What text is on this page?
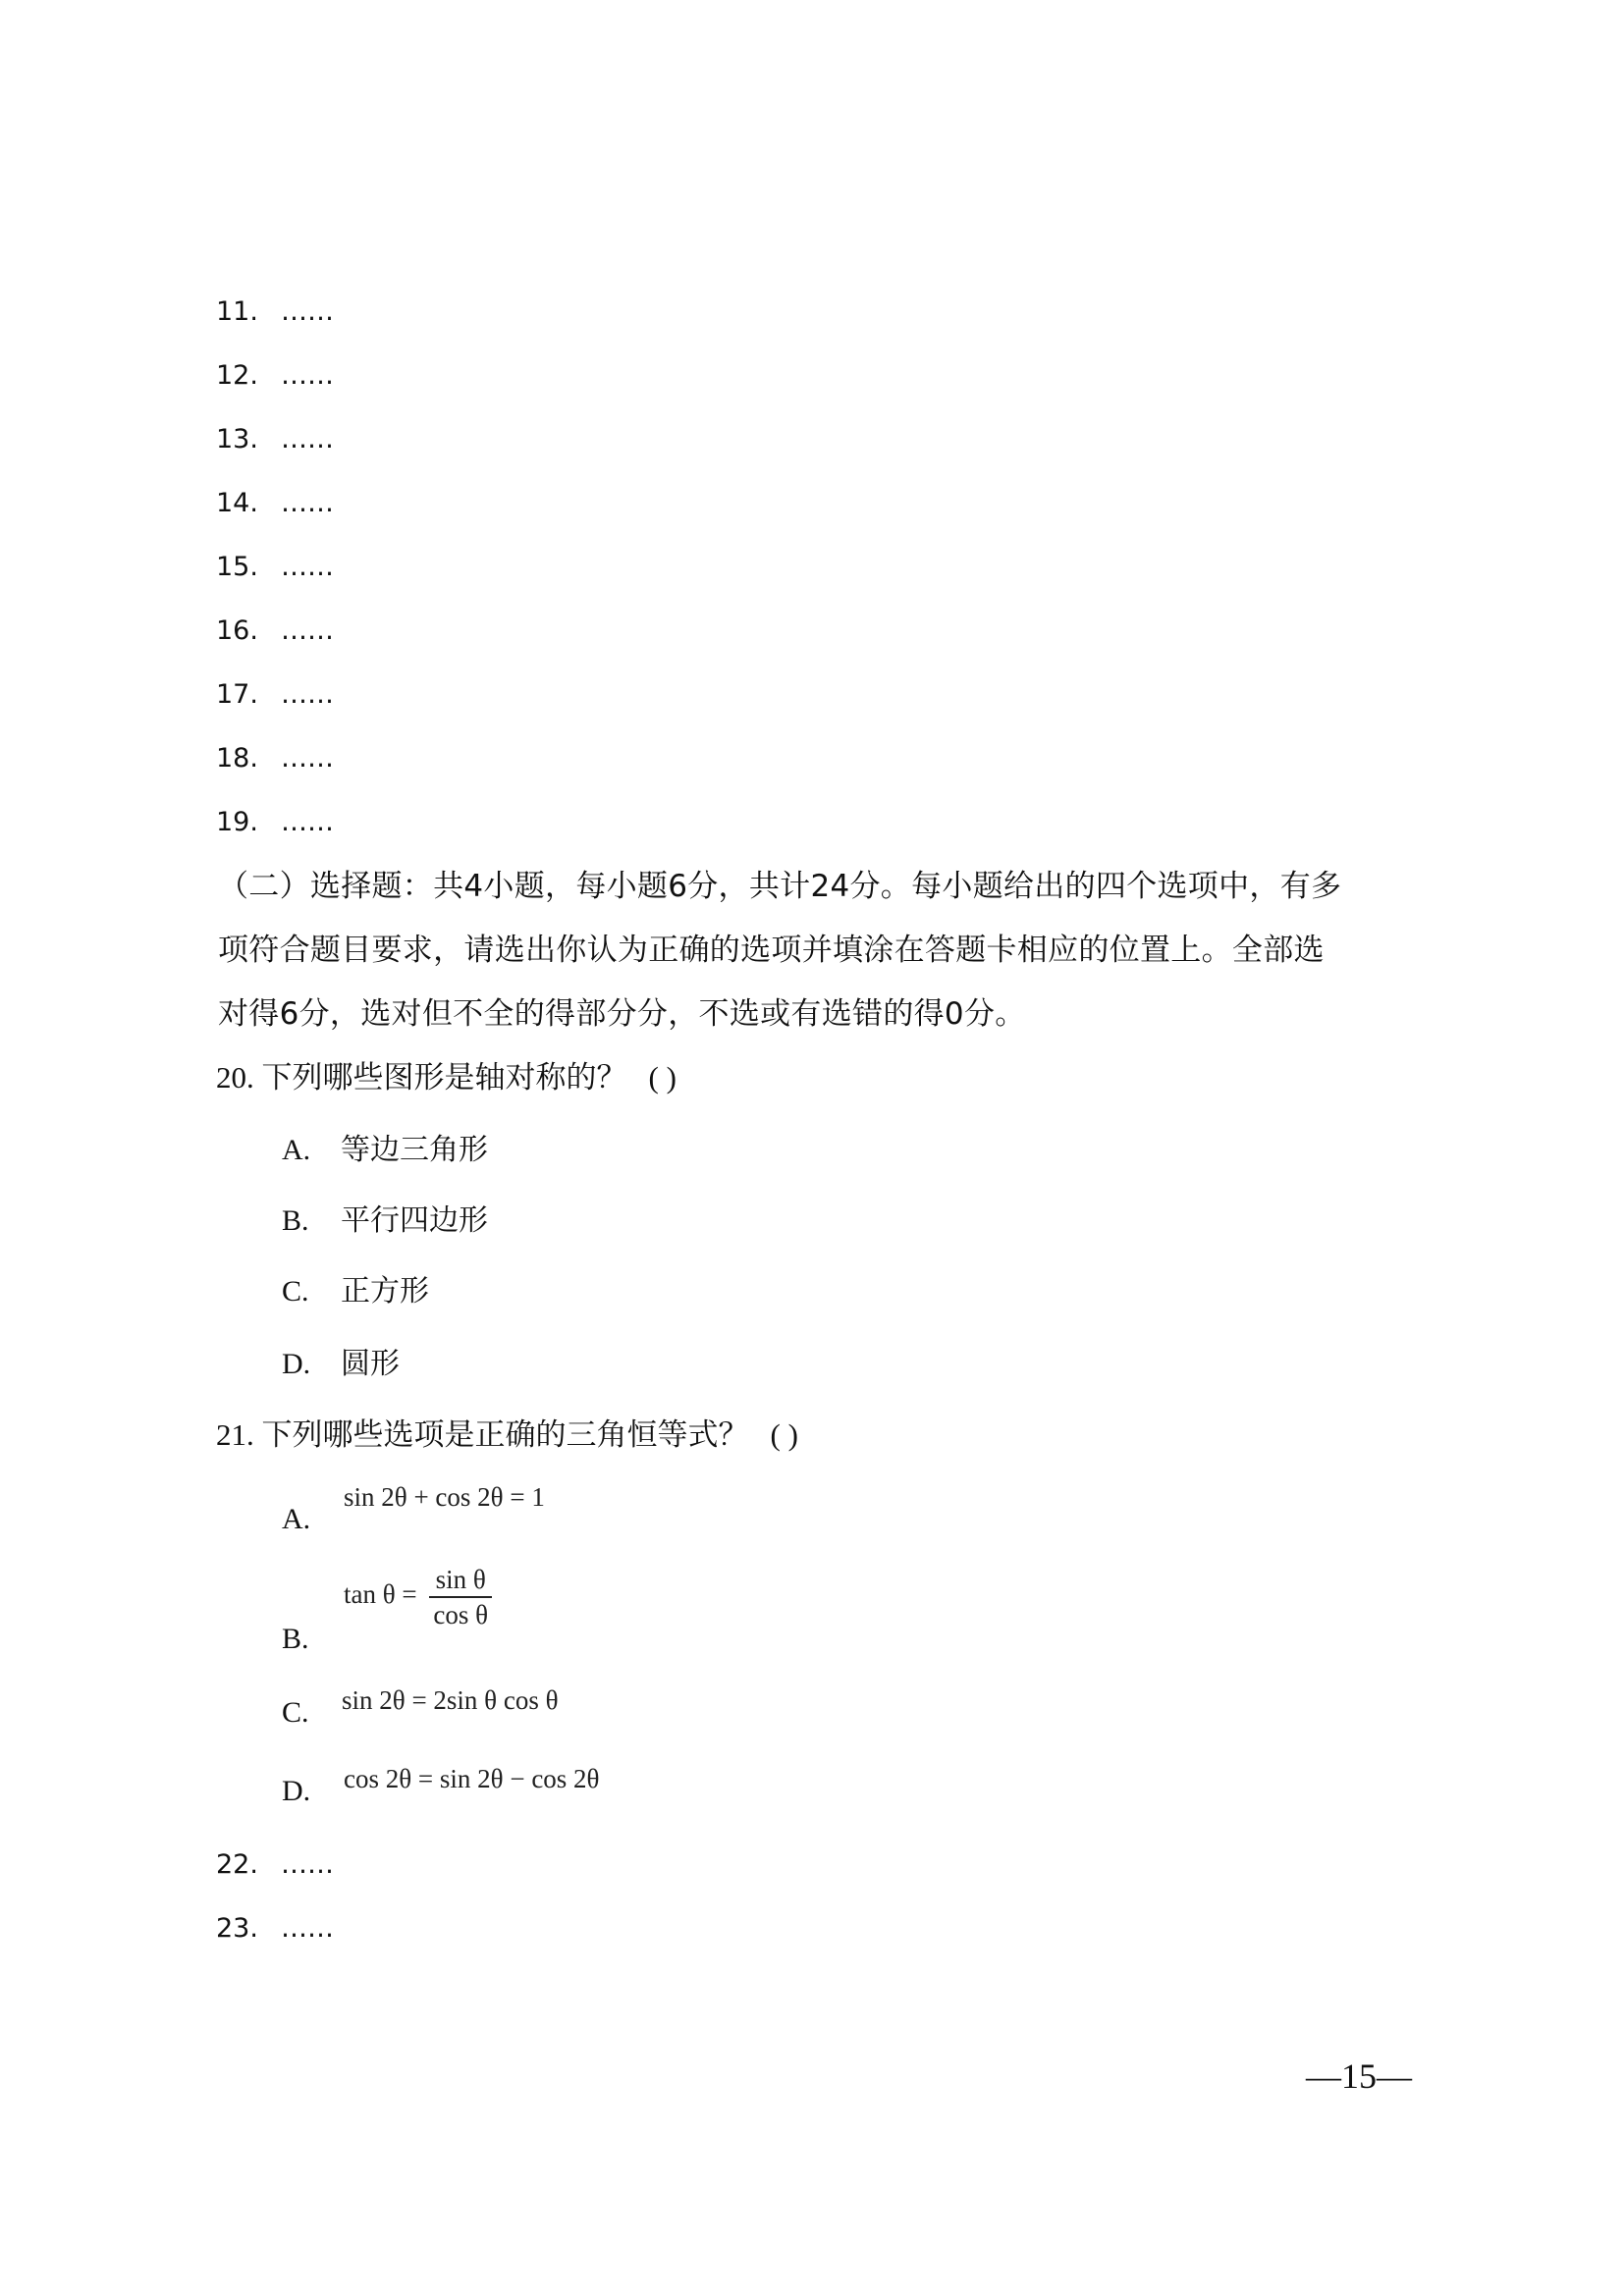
11. ……
12. ……
13. ……
14. ……
15. ……
16. ……
17. ……
18. ……
19. ……
（二）选择题：共4小题，每小题6分，共计24分。每小题给出的四个选项中，有多
项符合题目要求，请选出你认为正确的选项并填涂在答题卡相应的位置上。全部选
对得6分，选对但不全的得部分分，不选或有选错的得0分。
20. 下列哪些图形是轴对称的？ ( )
A. 等边三角形
B. 平行四边形
C. 正方形
D. 圆形
21. 下列哪些选项是正确的三角恒等式？ ( )
A.
sin 2θ + cos 2θ = 1
B.
$\tan \theta = \frac{\text{sin θ}}{\text{cos θ}}$
C.	sin 2θ = 2sin θ cos θ
D.	cos 2θ = sin 2θ − cos 2θ
22. ……
23. ……
—15—
